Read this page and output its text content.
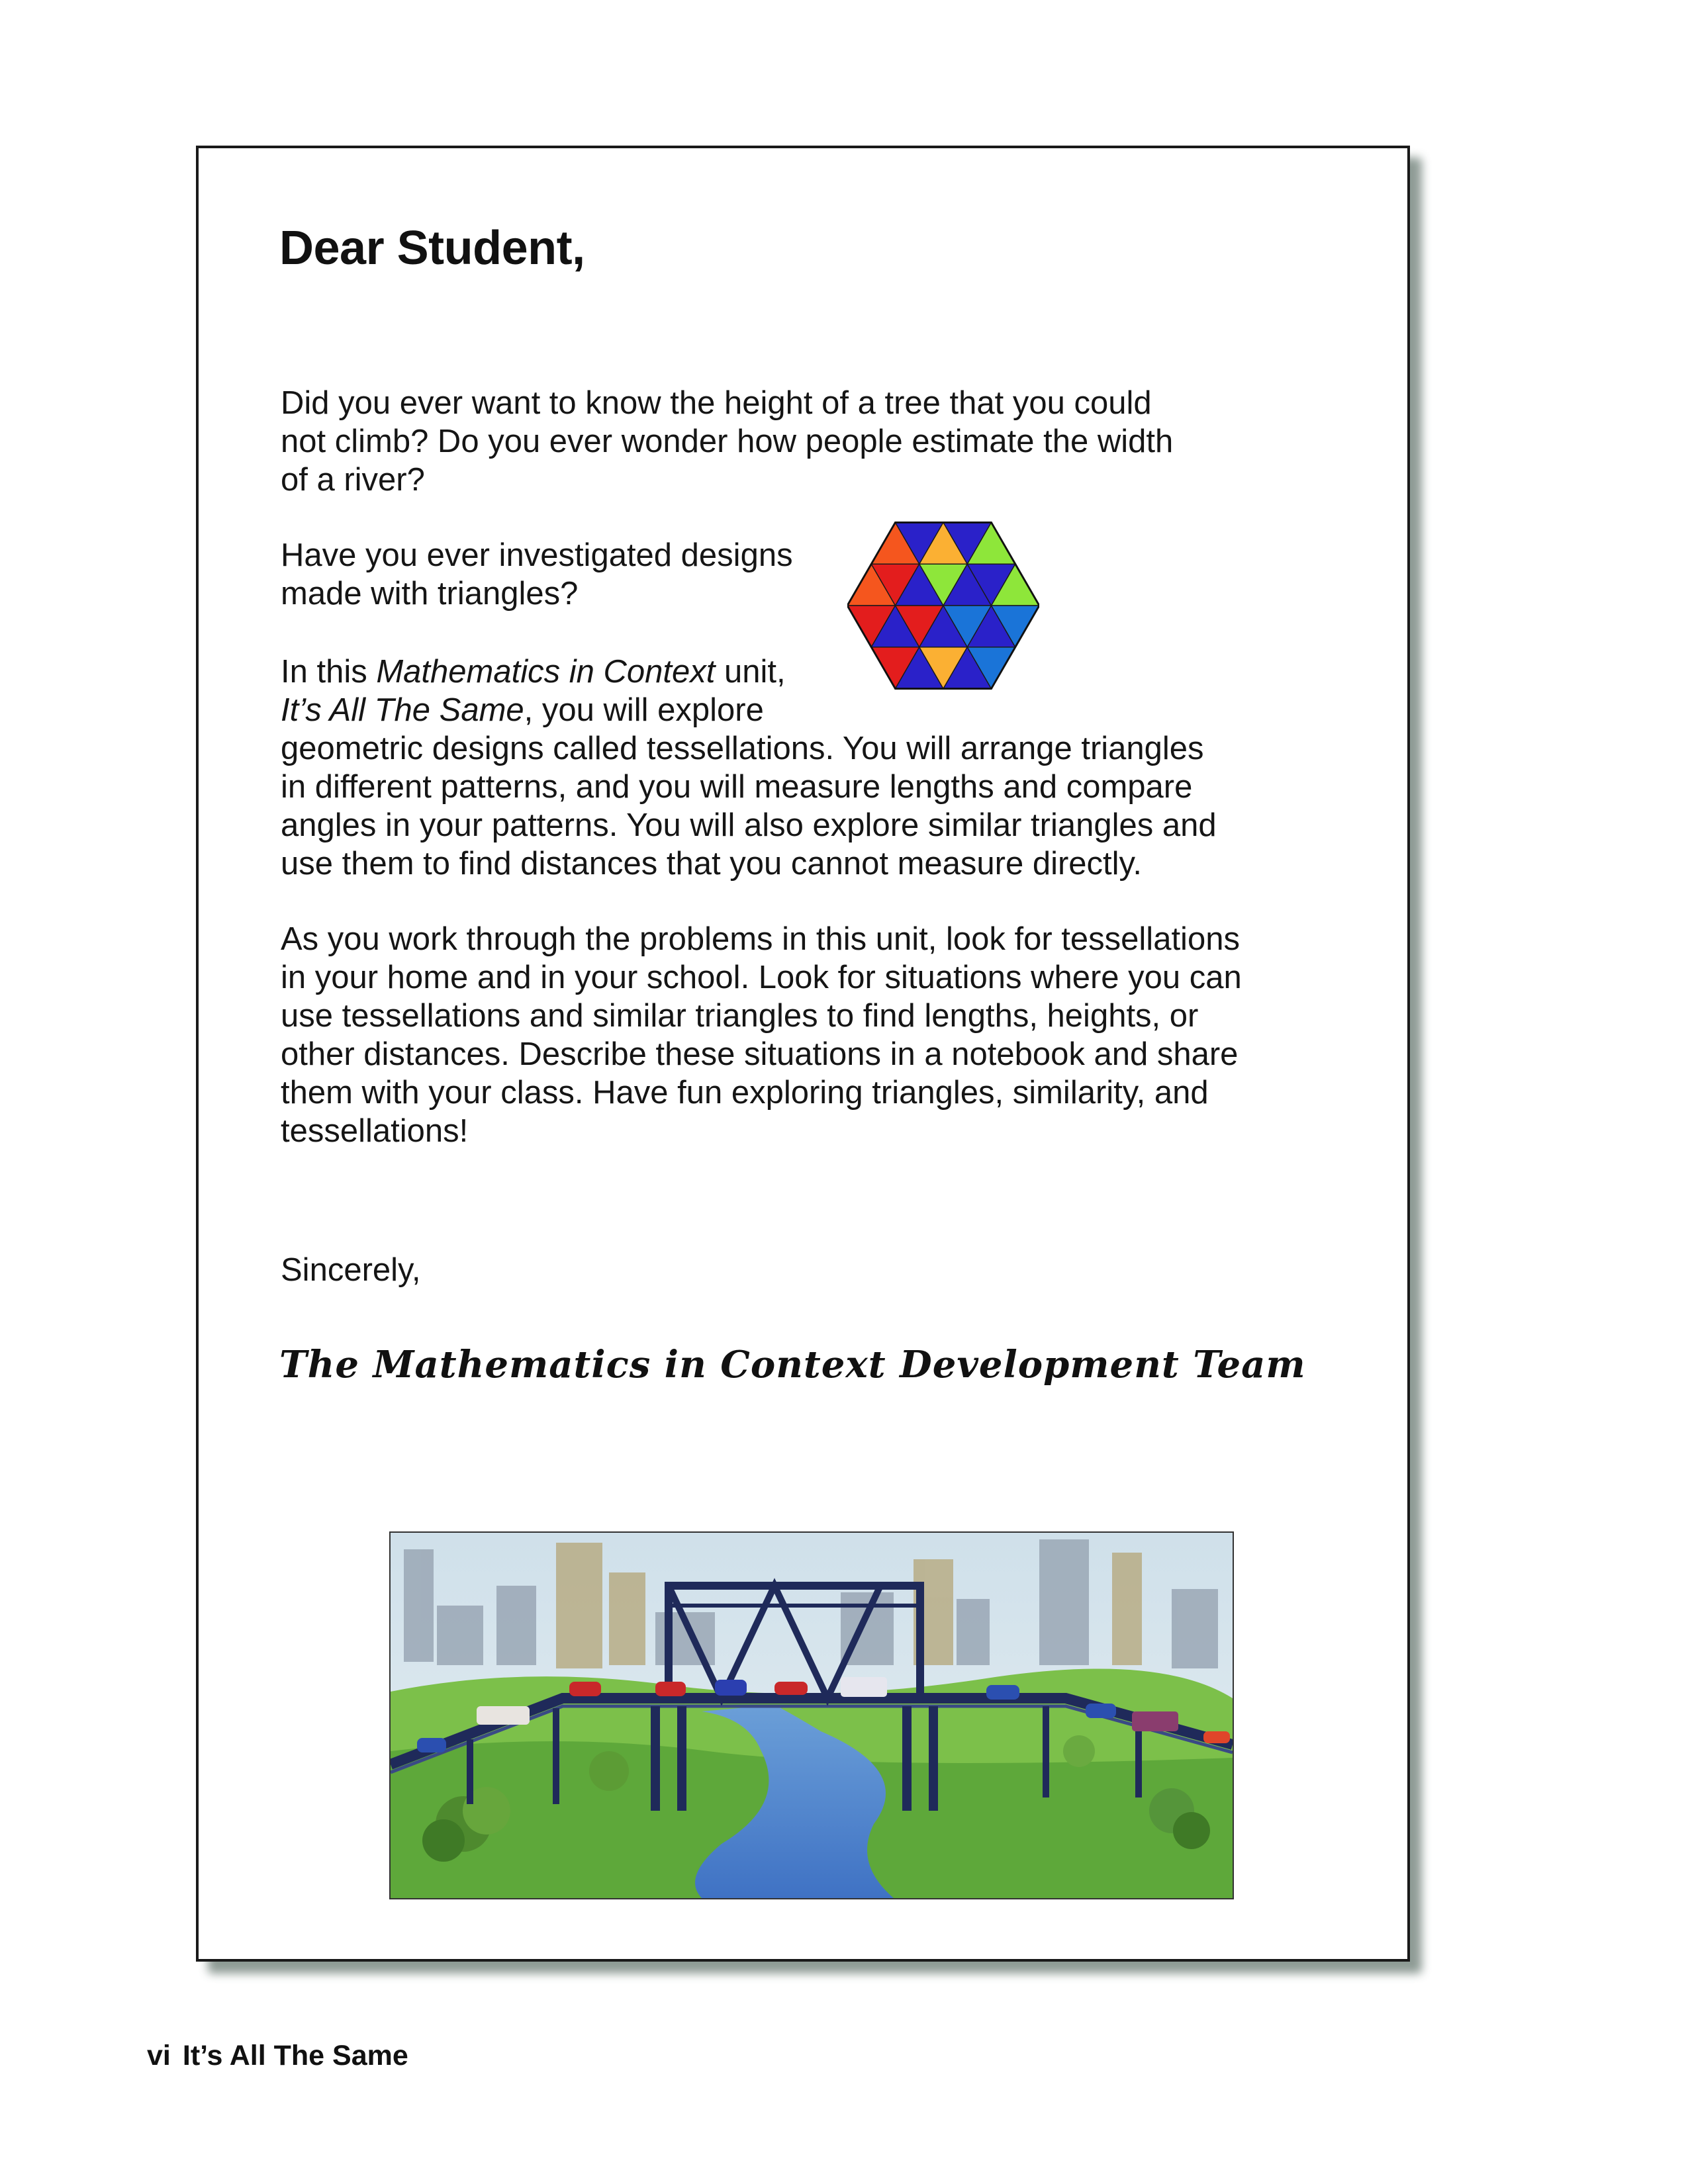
Dear Student,

Did you ever want to know the height of a tree that you could
not climb? Do you ever wonder how people estimate the width
of a river?

Have you ever investigated designs
made with triangles?

In this Mathematics in Context unit,
It’s All The Same, you will explore
geometric designs called tessellations. You will arrange triangles
in different patterns, and you will measure lengths and compare
angles in your patterns. You will also explore similar triangles and
use them to find distances that you cannot measure directly.

As you work through the problems in this unit, look for tessellations
in your home and in your school. Look for situations where you can
use tessellations and similar triangles to find lengths, heights, or
other distances. Describe these situations in a notebook and share
them with your class. Have fun exploring triangles, similarity, and
tessellations!

Sincerely,

The Mathematics in Context Development Team

vi It’s All The Same
